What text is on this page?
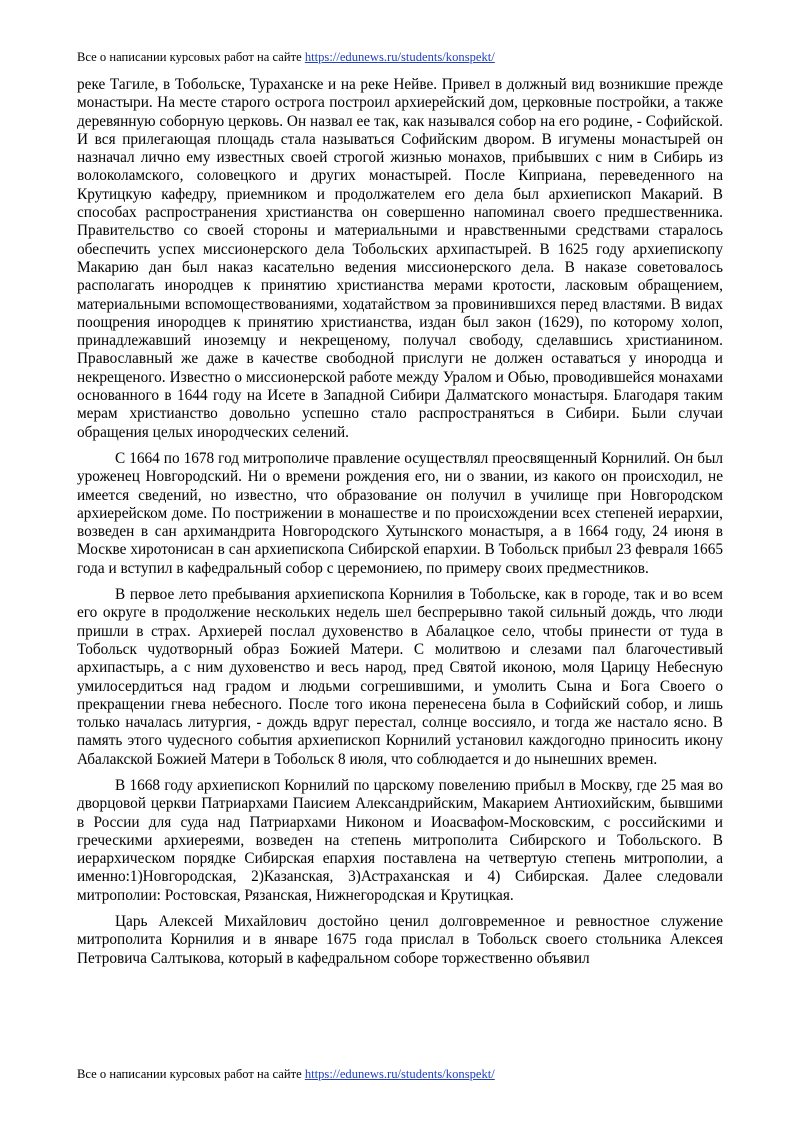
Все о написании курсовых работ на сайте https://edunews.ru/students/konspekt/

реке Тагиле, в Тобольске, Тураханске и на реке Нейве. Привел в должный вид возникшие прежде монастыри. На месте старого острога построил архиерейский дом, церковные постройки, а также деревянную соборную церковь. Он назвал ее так, как назывался собор на его родине, - Софийской. И вся прилегающая площадь стала называться Софийским двором. В игумены монастырей он назначал лично ему известных своей строгой жизнью монахов, прибывших с ним в Сибирь из волоколамского, соловецкого и других монастырей. После Киприана, переведенного на Крутицкую кафедру, приемником и продолжателем его дела был архиепископ Макарий. В способах распространения христианства он совершенно напоминал своего предшественника. Правительство со своей стороны и материальными и нравственными средствами старалось обеспечить успех миссионерского дела Тобольских архипастырей. В 1625 году архиепископу Макарию дан был наказ касательно ведения миссионерского дела. В наказе советовалось располагать инородцев к принятию христианства мерами кротости, ласковым обращением, материальными вспомоществованиями, ходатайством за провинившихся перед властями. В видах поощрения инородцев к принятию христианства, издан был закон (1629), по которому холоп, принадлежавший иноземцу и некрещеному, получал свободу, сделавшись христианином. Православный же даже в качестве свободной прислуги не должен оставаться у инородца и некрещеного. Известно о миссионерской работе между Уралом и Обью, проводившейся монахами основанного в 1644 году на Исете в Западной Сибири Далматского монастыря. Благодаря таким мерам христианство довольно успешно стало распространяться в Сибири. Были случаи обращения целых инородческих селений.

С 1664 по 1678 год митрополиче правление осуществлял преосвященный Корнилий. Он был уроженец Новгородский. Ни о времени рождения его, ни о звании, из какого он происходил, не имеется сведений, но известно, что образование он получил в училище при Новгородском архиерейском доме. По пострижении в монашестве и по происхождении всех степеней иерархии, возведен в сан архимандрита Новгородского Хутынского монастыря, а в 1664 году, 24 июня в Москве хиротонисан в сан архиепископа Сибирской епархии. В Тобольск прибыл 23 февраля 1665 года и вступил в кафедральный собор с церемониею, по примеру своих предместников.

В первое лето пребывания архиепископа Корнилия в Тобольске, как в городе, так и во всем его округе в продолжение нескольких недель шел беспрерывно такой сильный дождь, что люди пришли в страх. Архиерей послал духовенство в Абалацкое село, чтобы принести от туда в Тобольск чудотворный образ Божией Матери. С молитвою и слезами пал благочестивый архипастырь, а с ним духовенство и весь народ, пред Святой иконою, моля Царицу Небесную умилосердиться над градом и людьми согрешившими, и умолить Сына и Бога Своего о прекращении гнева небесного. После того икона перенесена была в Софийский собор, и лишь только началась литургия, - дождь вдруг перестал, солнце воссияло, и тогда же настало ясно. В память этого чудесного события архиепископ Корнилий установил каждогодно приносить икону Абалакской Божией Матери в Тобольск 8 июля, что соблюдается и до нынешних времен.

В 1668 году архиепископ Корнилий по царскому повелению прибыл в Москву, где 25 мая во дворцовой церкви Патриархами Паисием Александрийским, Макарием Антиохийским, бывшими в России для суда над Патриархами Никоном и Иоасвафом-Московским, с российскими и греческими архиереями, возведен на степень митрополита Сибирского и Тобольского. В иерархическом порядке Сибирская епархия поставлена на четвертую степень митрополии, а именно:1)Новгородская, 2)Казанская, 3)Астраханская и 4) Сибирская. Далее следовали митрополии: Ростовская, Рязанская, Нижнегородская и Крутицкая.

Царь Алексей Михайлович достойно ценил долговременное и ревностное служение митрополита Корнилия и в январе 1675 года прислал в Тобольск своего стольника Алексея Петровича Салтыкова, который в кафедральном соборе торжественно объявил

Все о написании курсовых работ на сайте https://edunews.ru/students/konspekt/
